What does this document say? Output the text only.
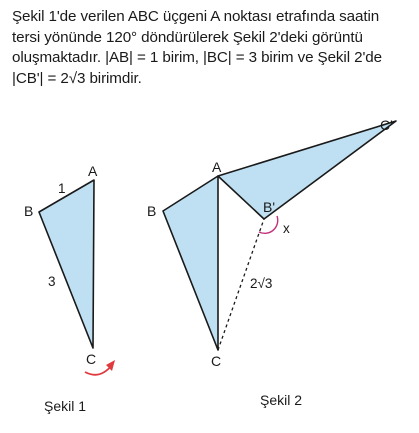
Şekil 1'de verilen ABC üçgeni A noktası etrafında saatin
tersi yönünde 120° döndürülerek Şekil 2'deki görüntü
oluşmaktadır. |AB| = 1 birim, |BC| = 3 birim ve Şekil 2'de
|CB'| = 2√3 birimdir.
A
B
C
1
3
Şekil 1
A
B
C
B'
C'
2√3
x
Şekil 2
